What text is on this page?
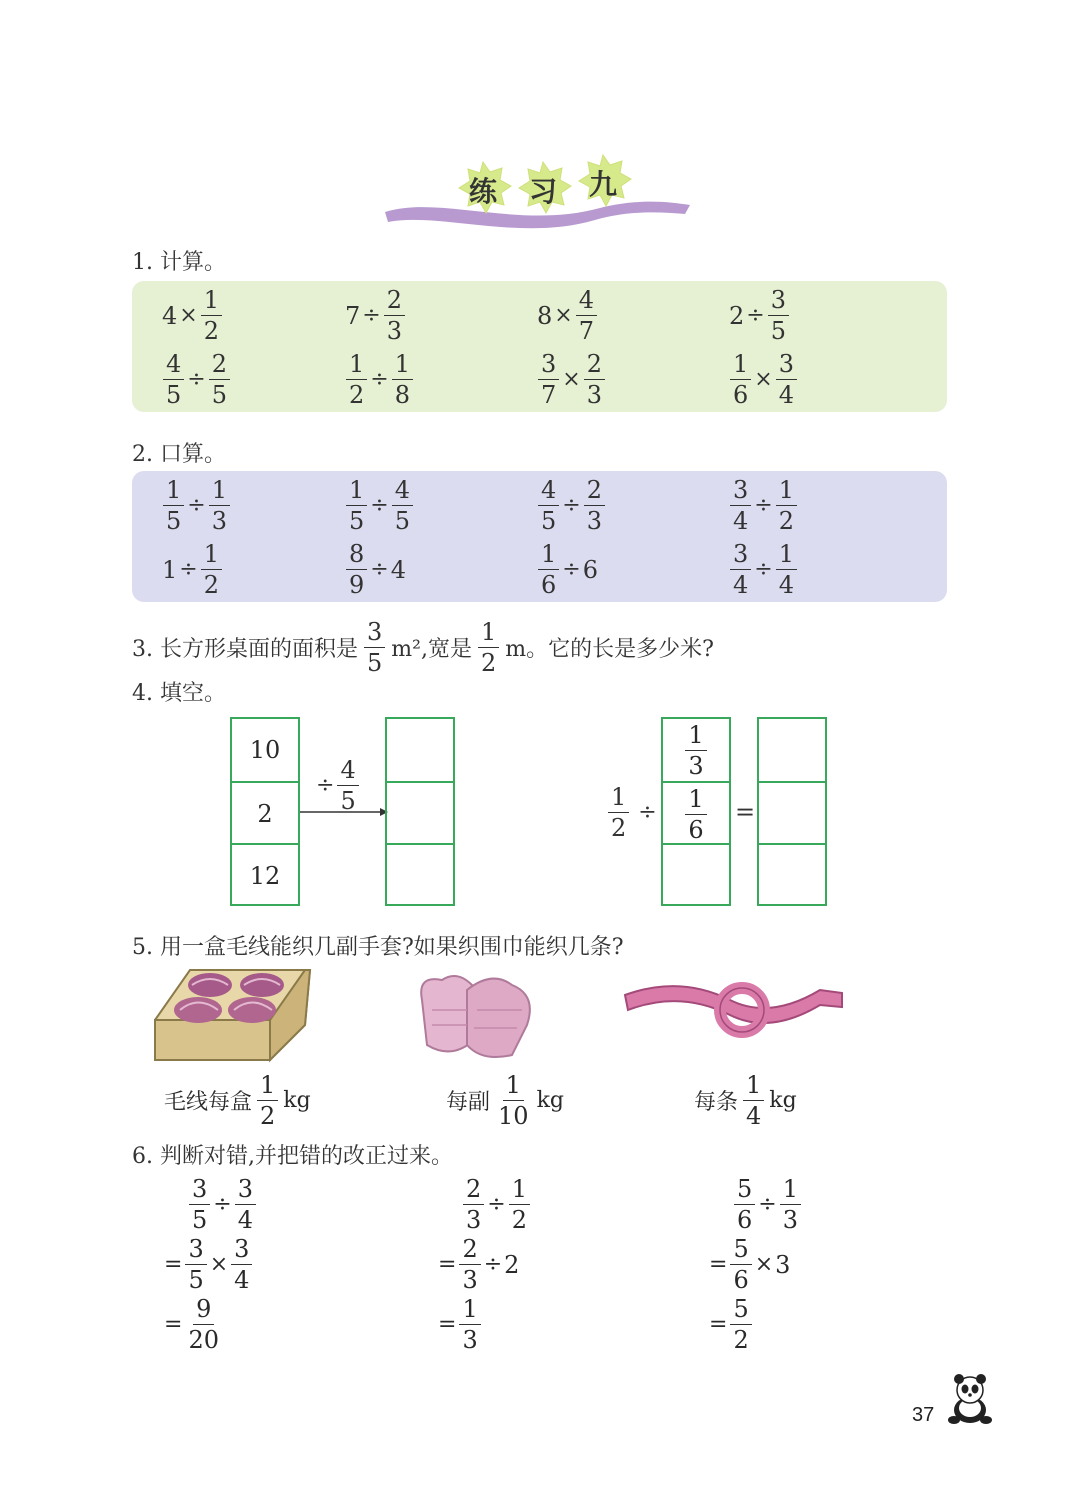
练 习 九
1. 计算。
$4 \times \frac{1}{2}$	$7 \div \frac{2}{3}$	$8 \times \frac{4}{7}$	$2 \div \frac{3}{5}$
$\frac{4}{5} \div \frac{2}{5}$	$\frac{1}{2} \div \frac{1}{8}$	$\frac{3}{7} \times \frac{2}{3}$	$\frac{1}{6} \times \frac{3}{4}$
2. 口算。
$\frac{1}{5} \div \frac{1}{3}$	$\frac{1}{5} \div \frac{4}{5}$	$\frac{4}{5} \div \frac{2}{3}$	$\frac{3}{4} \div \frac{1}{2}$
$1 \div \frac{1}{2}$	$\frac{8}{9} \div 4$	$\frac{1}{6} \div 6$	$\frac{3}{4} \div \frac{1}{4}$
3. 长方形桌面的面积是 $\frac{3}{5} m^2$,宽是 $\frac{1}{2}$ m。它的长是多少米?
4. 填空。
10
2
12
÷ $\frac{4}{5}$	$\frac{1}{2}$ ÷
$\frac{1}{3}$
$\frac{1}{6}$ =
5. 用一盒毛线能织几副手套?如果织围巾能织几条?
毛线每盒 $\frac{1}{2}$ kg	每副 $\frac{1}{10}$ kg	每条 $\frac{1}{4}$ kg
6. 判断对错,并把错的改正过来。
$\frac{3}{5} \div \frac{3}{4}$
= $\frac{3}{5} \times \frac{3}{4}$
= $\frac{9}{20}$
$\frac{2}{3} \div \frac{1}{2}$
= $\frac{2}{3} \div 2$
= $\frac{1}{3}$
$\frac{5}{6} \div \frac{1}{3}$
= $\frac{5}{6} \times 3$
= $\frac{5}{2}$
37
